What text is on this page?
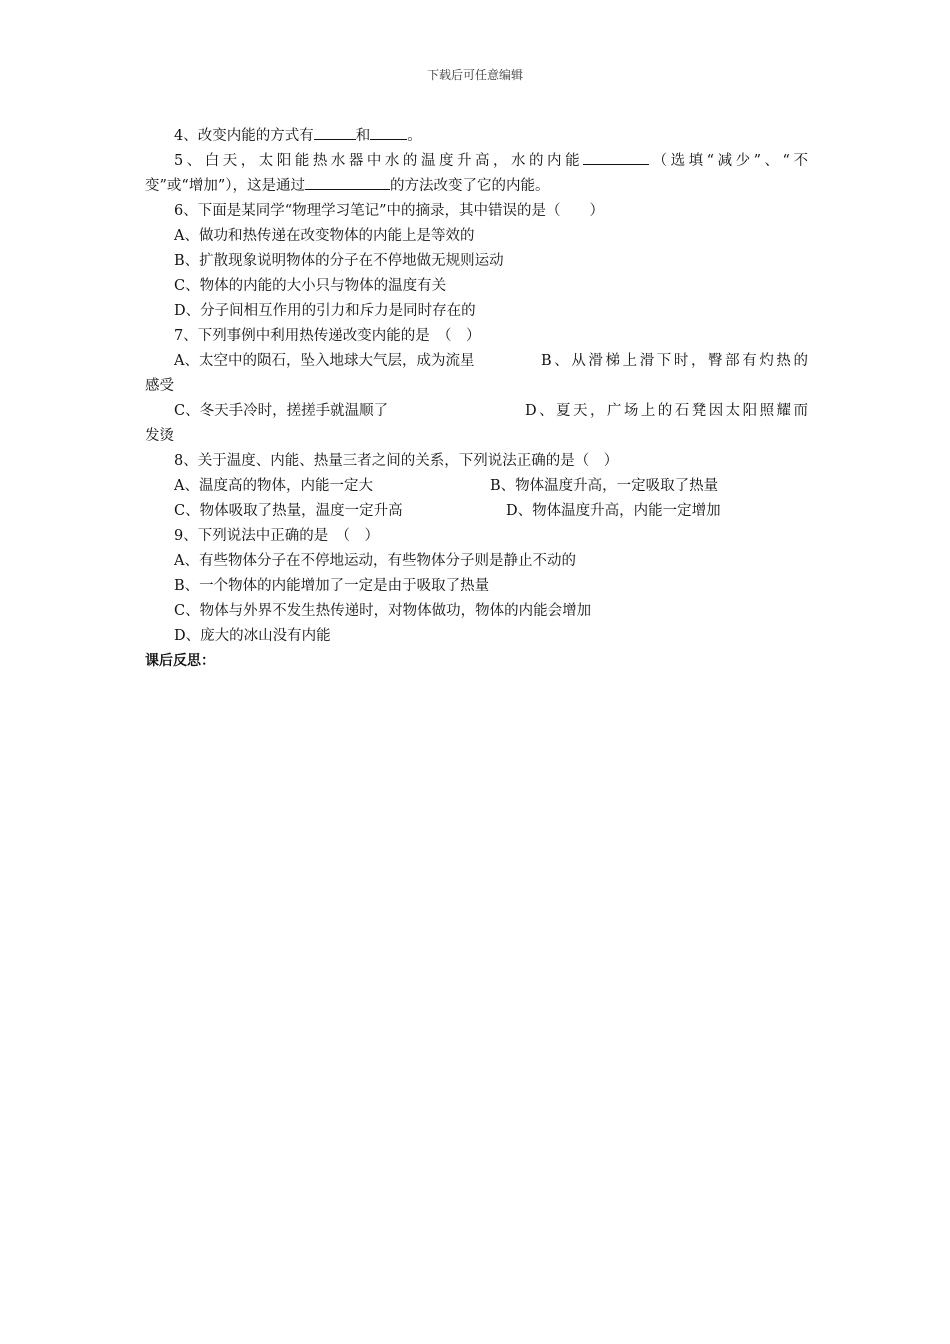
下载后可任意编辑

4、改变内能的方式有	和	。

5、白天，太阳能热水器中水的温度升高，水的内能	（选填“减少”、“不

变”或“增加”），这是通过	的方法改变了它的内能。

6、下面是某同学“物理学习笔记”中的摘录，其中错误的是（　　）

A、做功和热传递在改变物体的内能上是等效的

B、扩散现象说明物体的分子在不停地做无规则运动

C、物体的内能的大小只与物体的温度有关

D、分子间相互作用的引力和斥力是同时存在的

7、下列事例中利用热传递改变内能的是　（　）

A、太空中的陨石，坠入地球大气层，成为流星	B、从滑梯上滑下时，臀部有灼热的

感受

C、冬天手冷时，搓搓手就温顺了	D、夏天，广场上的石凳因太阳照耀而

发烫

8、关于温度、内能、热量三者之间的关系，下列说法正确的是（　）

A、温度高的物体，内能一定大	B、物体温度升高，一定吸取了热量
C、物体吸取了热量，温度一定升高	D、物体温度升高，内能一定增加

9、下列说法中正确的是　（　）

A、有些物体分子在不停地运动，有些物体分子则是静止不动的

B、一个物体的内能增加了一定是由于吸取了热量

C、物体与外界不发生热传递时，对物体做功，物体的内能会增加

D、庞大的冰山没有内能

课后反思：
